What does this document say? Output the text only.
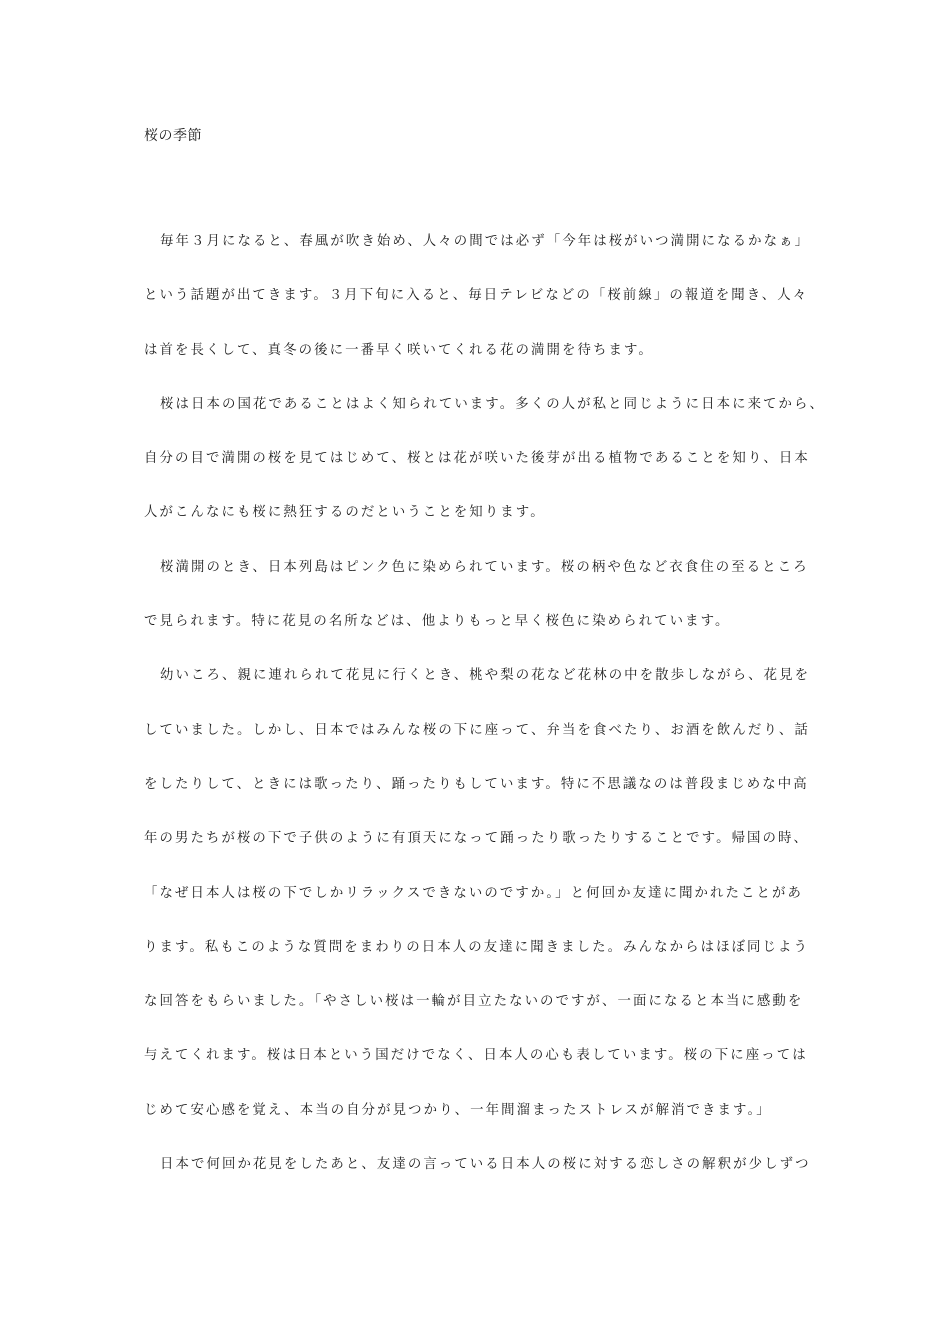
桜の季節
毎年３月になると、春風が吹き始め、人々の間では必ず「今年は桜がいつ満開になるかなぁ」
という話題が出てきます。３月下旬に入ると、毎日テレビなどの「桜前線」の報道を聞き、人々
は首を長くして、真冬の後に一番早く咲いてくれる花の満開を待ちます。
桜は日本の国花であることはよく知られています。多くの人が私と同じように日本に来てから、
自分の目で満開の桜を見てはじめて、桜とは花が咲いた後芽が出る植物であることを知り、日本
人がこんなにも桜に熱狂するのだということを知ります。
桜満開のとき、日本列島はピンク色に染められています。桜の柄や色など衣食住の至るところ
で見られます。特に花見の名所などは、他よりもっと早く桜色に染められています。
幼いころ、親に連れられて花見に行くとき、桃や梨の花など花林の中を散歩しながら、花見を
していました。しかし、日本ではみんな桜の下に座って、弁当を食べたり、お酒を飲んだり、話
をしたりして、ときには歌ったり、踊ったりもしています。特に不思議なのは普段まじめな中高
年の男たちが桜の下で子供のように有頂天になって踊ったり歌ったりすることです。帰国の時、
「なぜ日本人は桜の下でしかリラックスできないのですか。」と何回か友達に聞かれたことがあ
ります。私もこのような質問をまわりの日本人の友達に聞きました。みんなからはほぼ同じよう
な回答をもらいました。「やさしい桜は一輪が目立たないのですが、一面になると本当に感動を
与えてくれます。桜は日本という国だけでなく、日本人の心も表しています。桜の下に座っては
じめて安心感を覚え、本当の自分が見つかり、一年間溜まったストレスが解消できます。」
日本で何回か花見をしたあと、友達の言っている日本人の桜に対する恋しさの解釈が少しずつ
